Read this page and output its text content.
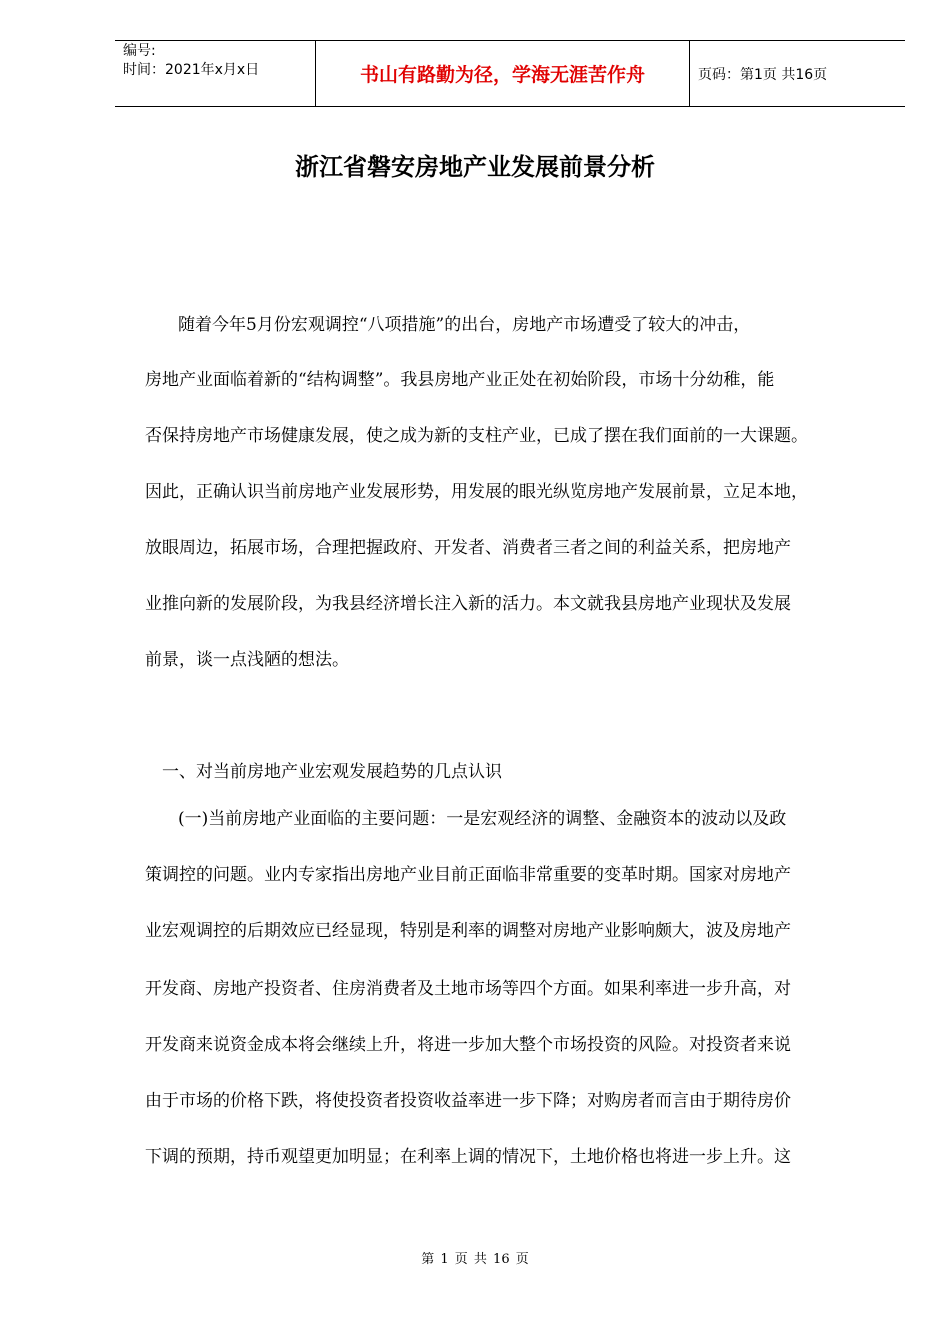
编号:
时间：2021年x月x日	书山有路勤为径，学海无涯苦作舟	页码：第1页 共16页
浙江省磐安房地产业发展前景分析
随着今年5月份宏观调控“八项措施”的出台，房地产市场遭受了较大的冲击，
房地产业面临着新的“结构调整”。我县房地产业正处在初始阶段，市场十分幼稚，能
否保持房地产市场健康发展，使之成为新的支柱产业，已成了摆在我们面前的一大课题。
因此，正确认识当前房地产业发展形势，用发展的眼光纵览房地产发展前景，立足本地，
放眼周边，拓展市场，合理把握政府、开发者、消费者三者之间的利益关系，把房地产
业推向新的发展阶段，为我县经济增长注入新的活力。本文就我县房地产业现状及发展
前景，谈一点浅陋的想法。
一、对当前房地产业宏观发展趋势的几点认识
(一)当前房地产业面临的主要问题：一是宏观经济的调整、金融资本的波动以及政
策调控的问题。业内专家指出房地产业目前正面临非常重要的变革时期。国家对房地产
业宏观调控的后期效应已经显现，特别是利率的调整对房地产业影响颇大，波及房地产
开发商、房地产投资者、住房消费者及土地市场等四个方面。如果利率进一步升高，对
开发商来说资金成本将会继续上升，将进一步加大整个市场投资的风险。对投资者来说
由于市场的价格下跌，将使投资者投资收益率进一步下降；对购房者而言由于期待房价
下调的预期，持币观望更加明显；在利率上调的情况下，土地价格也将进一步上升。这
第 1 页 共 16 页
